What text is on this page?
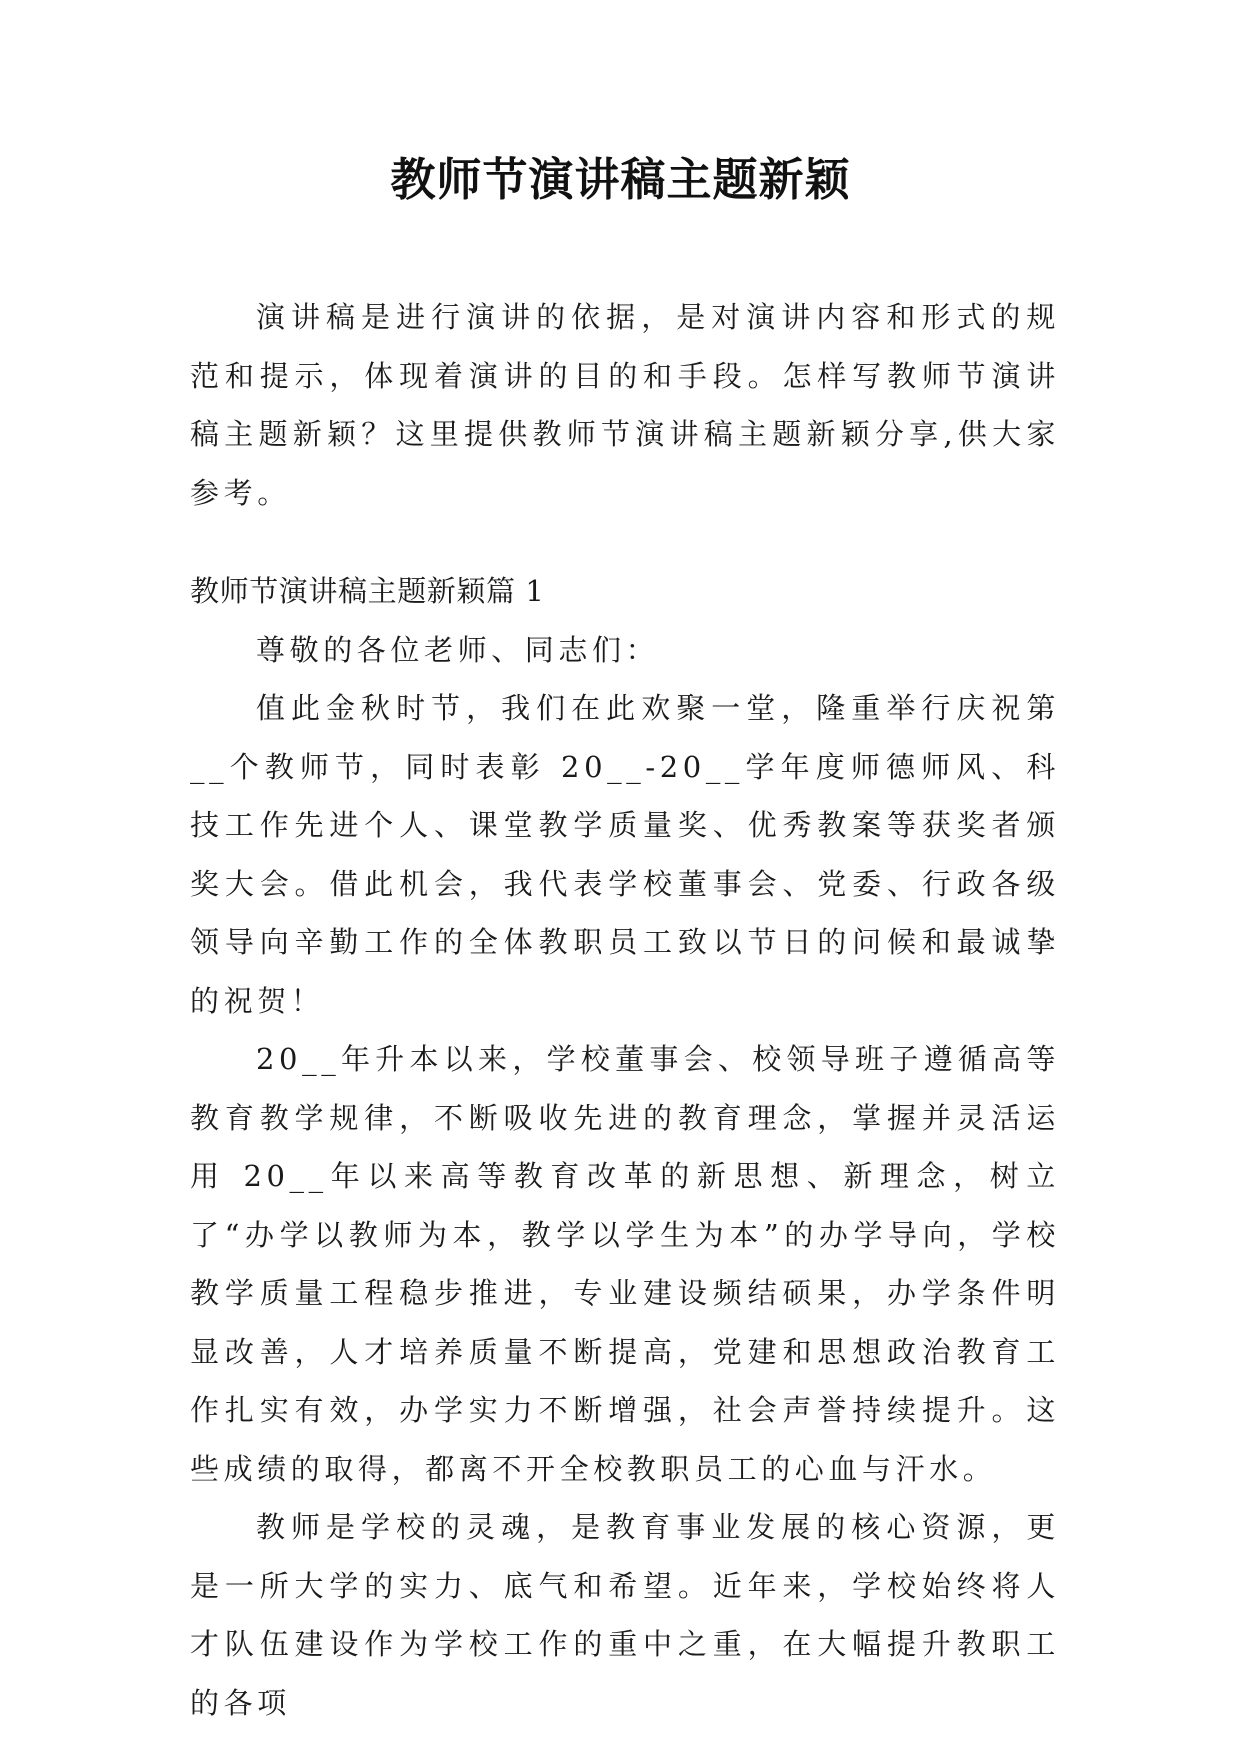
教师节演讲稿主题新颖

演讲稿是进行演讲的依据，是对演讲内容和形式的规范和提示，体现着演讲的目的和手段。怎样写教师节演讲稿主题新颖？这里提供教师节演讲稿主题新颖分享,供大家参考。

教师节演讲稿主题新颖篇 1

尊敬的各位老师、同志们：

值此金秋时节，我们在此欢聚一堂，隆重举行庆祝第__个教师节，同时表彰 20__-20__学年度师德师风、科技工作先进个人、课堂教学质量奖、优秀教案等获奖者颁奖大会。借此机会，我代表学校董事会、党委、行政各级领导向辛勤工作的全体教职员工致以节日的问候和最诚挚的祝贺！

20__年升本以来，学校董事会、校领导班子遵循高等教育教学规律，不断吸收先进的教育理念，掌握并灵活运用 20__年以来高等教育改革的新思想、新理念，树立了“办学以教师为本，教学以学生为本”的办学导向，学校教学质量工程稳步推进，专业建设频结硕果，办学条件明显改善，人才培养质量不断提高，党建和思想政治教育工作扎实有效，办学实力不断增强，社会声誉持续提升。这些成绩的取得，都离不开全校教职员工的心血与汗水。

教师是学校的灵魂，是教育事业发展的核心资源，更是一所大学的实力、底气和希望。近年来，学校始终将人才队伍建设作为学校工作的重中之重，在大幅提升教职工的各项
